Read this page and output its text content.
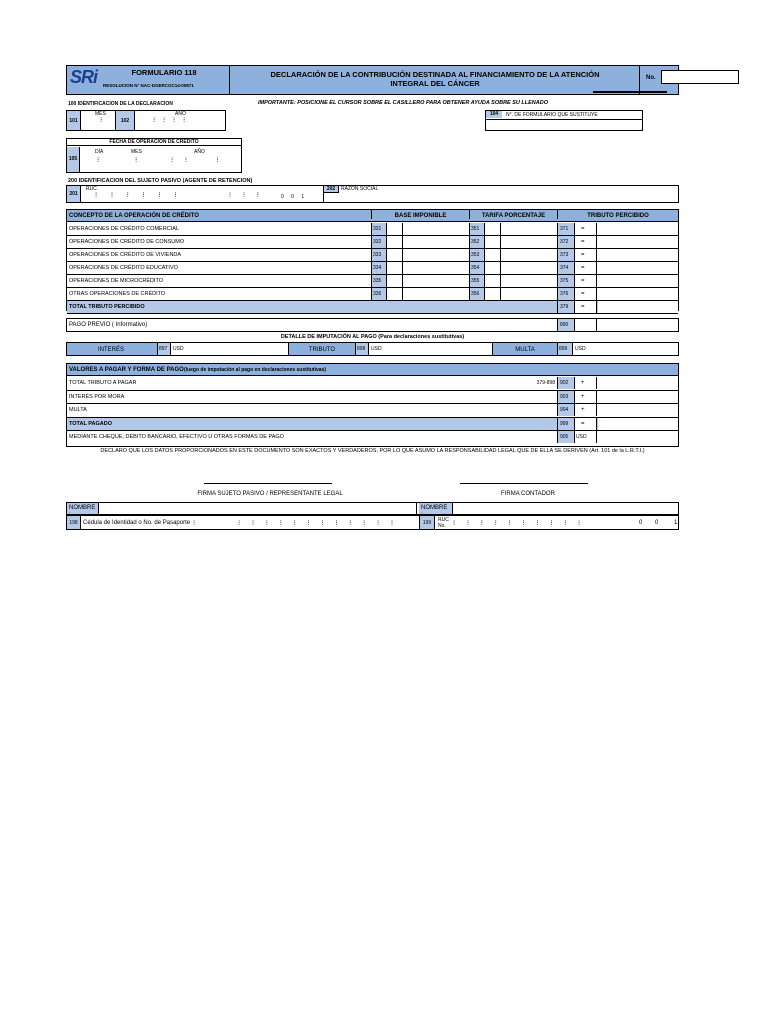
SRi	FORMULARIO 118
RESOLUCION N° NAC-DGERCGC14-00871
DECLARACIÓN DE LA CONTRIBUCIÓN DESTINADA AL FINANCIAMIENTO DE LA ATENCIÓN
INTEGRAL DEL CÁNCER
No.
100 IDENTIFICACION DE LA DECLARACION	IMPORTANTE: POSICIONE EL CURSOR SOBRE EL CASILLERO PARA OBTENER AYUDA SOBRE SU LLENADO
101
MES
⁝	102
AÑO
⁝    ⁝    ⁝    ⁝
104	N°. DE FORMULARIO QUE SUSTITUYE
FECHA DE OPERACION DE CREDITO
105
DÍA	MES	AÑO
⁝	⁝	⁝      ⁝               ⁝
200 IDENTIFICACION DEL SUJETO PASIVO (AGENTE DE RETENCION)
201
RUC
⁝       ⁝       ⁝       ⁝       ⁝       ⁝                           ⁝      ⁝      ⁝	0 0 1
202	RAZON SOCIAL
CONCEPTO DE LA OPERACIÓN DE CRÉDITO	BASE IMPONIBLE	TARIFA PORCENTAJE	TRIBUTO PERCIBIDO
OPERACIONES DE CRÉDITO COMERCIAL	331	351	371	=
OPERACIONES DE CRÉDITO DE CONSUMO	332	352	372	=
OPERACIONES DE CRÉDITO DE VIVIENDA	333	353	373	=
OPERACIONES DE CRÉDITO EDUCATIVO	334	354	374	=
OPERACIONES DE MICROCRÉDITO	335	355	375	=
OTRAS OPERACIONES DE CRÉDITO	336	356	376	=
TOTAL TRIBUTO PERCIBIDO	379	=
PAGO PREVIO ( Informativo)	890
DETALLE DE IMPUTACIÓN AL PAGO (Para declaraciones sustitutivas)
INTERÉS	897	USD	TRIBUTO	898	USD	MULTA	899	USD
VALORES A PAGAR Y FORMA DE PAGO (luego de imputación al pago en declaraciones sustitutivas)
TOTAL TRIBUTO A PAGAR	379-898	902	+
INTERÉS POR MORA	903	+
MULTA	904	+
TOTAL PAGADO	999	=
MEDIANTE CHEQUE, DÉBITO BANCARIO, EFECTIVO U OTRAS FORMAS DE PAGO	905	USD
DECLARO QUE LOS DATOS PROPORCIONADOS EN ESTE DOCUMENTO SON EXACTOS Y VERDADEROS, POR LO QUE ASUMO LA RESPONSABILIDAD LEGAL QUE DE ELLA SE DERIVEN (Art. 101 de la L.R.T.I.)
FIRMA SUJETO PASIVO / REPRESENTANTE LEGAL	FIRMA CONTADOR
NOMBRE :
NOMBRE :
198 Cédula de Identidad o No. de Pasaporte ⁝                      ⁝      ⁝      ⁝      ⁝      ⁝      ⁝      ⁝      ⁝      ⁝      ⁝      ⁝      ⁝	199	RUC No.	⁝      ⁝      ⁝      ⁝      ⁝      ⁝      ⁝      ⁝      ⁝      ⁝	0 0	1
